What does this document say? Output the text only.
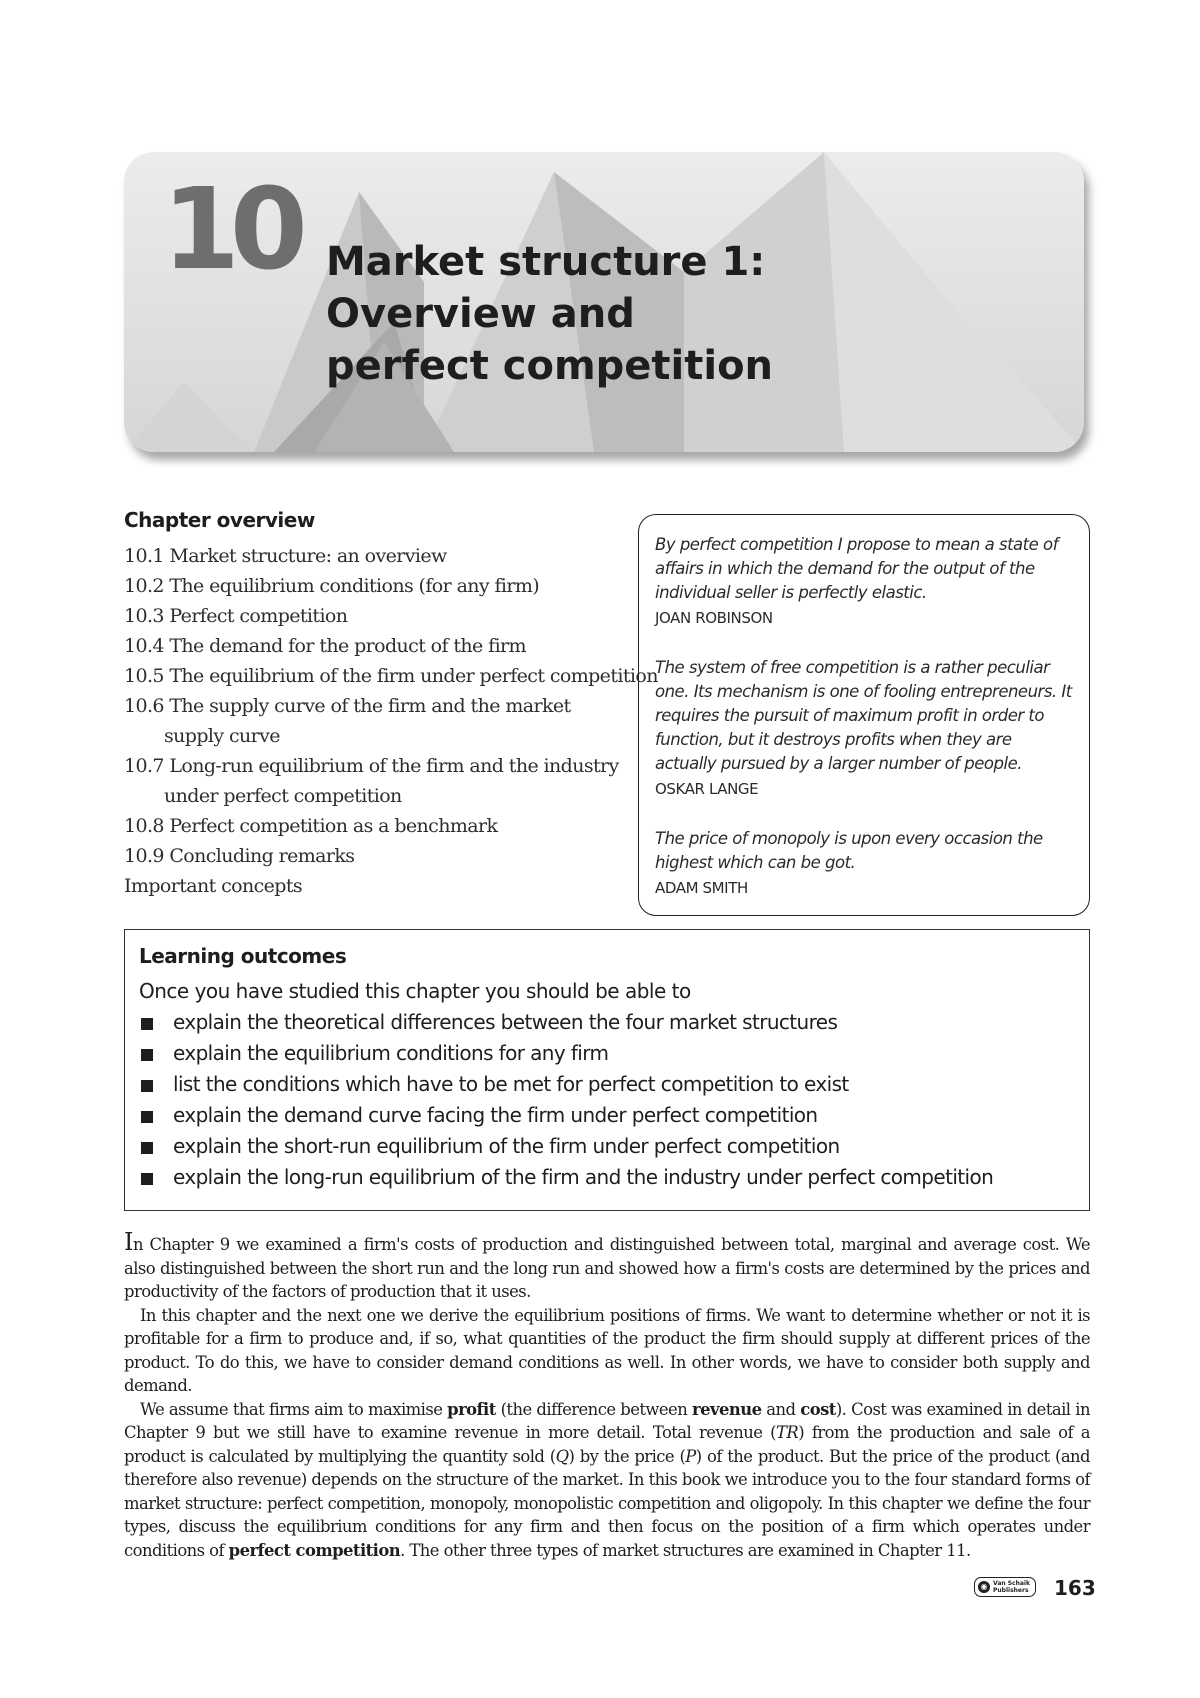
10 Market structure 1:
Overview and
perfect competition
Chapter overview
10.1 Market structure: an overview
10.2 The equilibrium conditions (for any firm)
10.3 Perfect competition
10.4 The demand for the product of the firm
10.5 The equilibrium of the firm under perfect competition
10.6 The supply curve of the firm and the market
supply curve
10.7 Long-run equilibrium of the firm and the industry
under perfect competition
10.8 Perfect competition as a benchmark
10.9 Concluding remarks
Important concepts

By perfect competition I propose to mean a state of affairs in which the demand for the output of the individual seller is perfectly elastic.

JOAN ROBINSON

The system of free competition is a rather peculiar one. Its mechanism is one of fooling entrepreneurs. It requires the pursuit of maximum profit in order to function, but it destroys profits when they are actually pursued by a larger number of people.

OSKAR LANGE

The price of monopoly is upon every occasion the highest which can be got.

ADAM SMITH
Learning outcomes
Once you have studied this chapter you should be able to
explain the theoretical differences between the four market structures
explain the equilibrium conditions for any firm
list the conditions which have to be met for perfect competition to exist
explain the demand curve facing the firm under perfect competition
explain the short-run equilibrium of the firm under perfect competition
explain the long-run equilibrium of the firm and the industry under perfect competition

In Chapter 9 we examined a firm's costs of production and distinguished between total, marginal and average cost. We also distinguished between the short run and the long run and showed how a firm's costs are determined by the prices and productivity of the factors of production that it uses.

In this chapter and the next one we derive the equilibrium positions of firms. We want to determine whether or not it is profitable for a firm to produce and, if so, what quantities of the product the firm should supply at different prices of the product. To do this, we have to consider demand conditions as well. In other words, we have to consider both supply and demand.

We assume that firms aim to maximise profit (the difference between revenue and cost). Cost was examined in detail in Chapter 9 but we still have to examine revenue in more detail. Total revenue (TR) from the production and sale of a product is calculated by multiplying the quantity sold (Q) by the price (P) of the product. But the price of the product (and therefore also revenue) depends on the structure of the market. In this book we introduce you to the four standard forms of market structure: perfect competition, monopoly, monopolistic competition and oligopoly. In this chapter we define the four types, discuss the equilibrium conditions for any firm and then focus on the position of a firm which operates under conditions of perfect competition. The other three types of market structures are examined in Chapter 11.

◉ Van Schaik
Publishers 163
